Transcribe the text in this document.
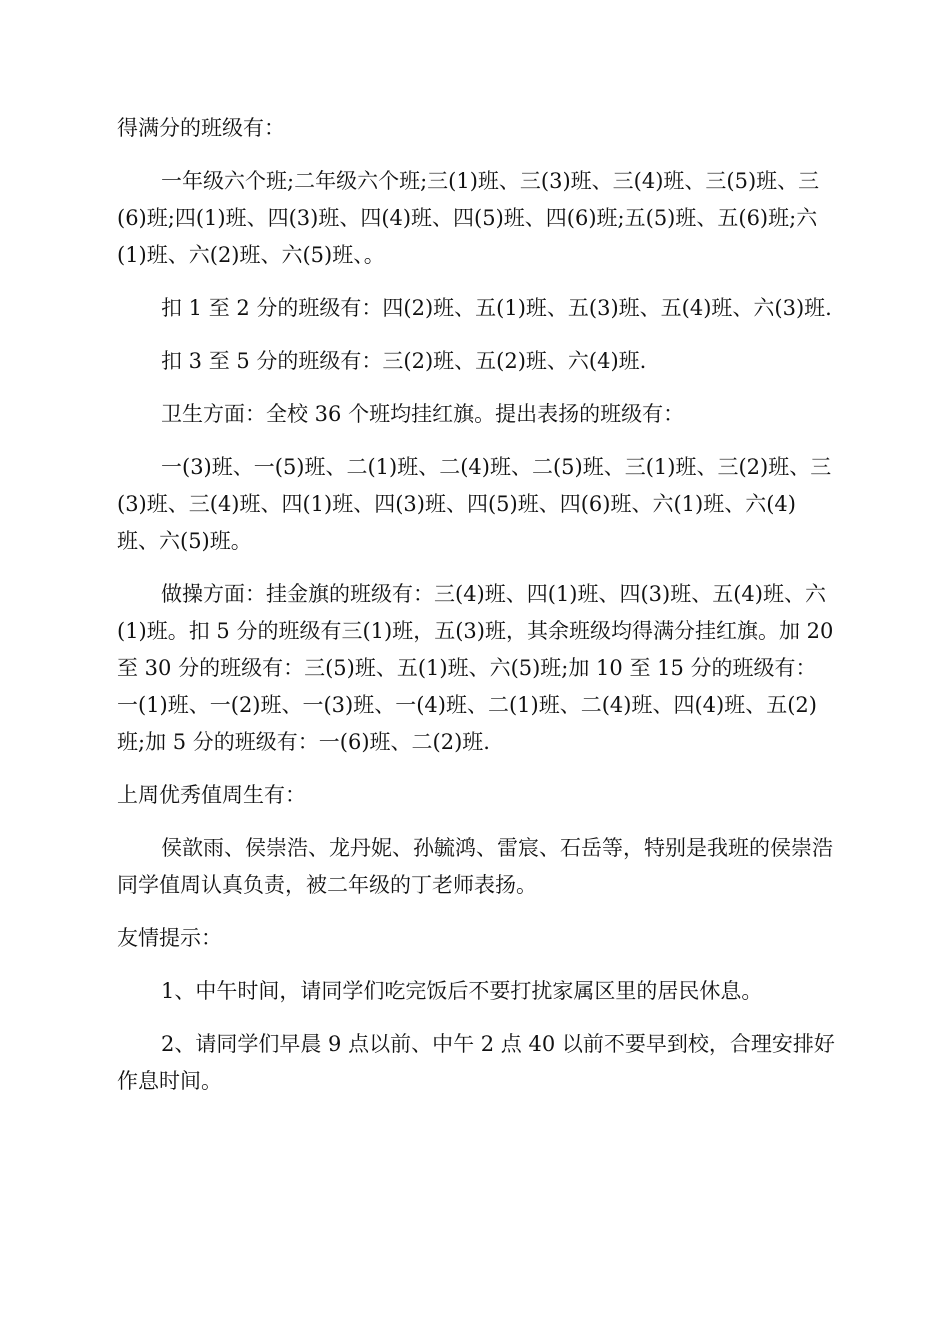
得满分的班级有：

一年级六个班;二年级六个班;三(1)班、三(3)班、三(4)班、三(5)班、三(6)班;四(1)班、四(3)班、四(4)班、四(5)班、四(6)班;五(5)班、五(6)班;六(1)班、六(2)班、六(5)班、。

扣 1 至 2 分的班级有：四(2)班、五(1)班、五(3)班、五(4)班、六(3)班.

扣 3 至 5 分的班级有：三(2)班、五(2)班、六(4)班.

卫生方面：全校 36 个班均挂红旗。提出表扬的班级有：

一(3)班、一(5)班、二(1)班、二(4)班、二(5)班、三(1)班、三(2)班、三(3)班、三(4)班、四(1)班、四(3)班、四(5)班、四(6)班、六(1)班、六(4)班、六(5)班。

做操方面：挂金旗的班级有：三(4)班、四(1)班、四(3)班、五(4)班、六(1)班。扣 5 分的班级有三(1)班，五(3)班，其余班级均得满分挂红旗。加 20 至 30 分的班级有：三(5)班、五(1)班、六(5)班;加 10 至 15 分的班级有：一(1)班、一(2)班、一(3)班、一(4)班、二(1)班、二(4)班、四(4)班、五(2)班;加 5 分的班级有：一(6)班、二(2)班.

上周优秀值周生有：

侯歆雨、侯崇浩、龙丹妮、孙毓鸿、雷宸、石岳等，特别是我班的侯崇浩同学值周认真负责，被二年级的丁老师表扬。

友情提示：

1、中午时间，请同学们吃完饭后不要打扰家属区里的居民休息。

2、请同学们早晨 9 点以前、中午 2 点 40 以前不要早到校，合理安排好作息时间。
